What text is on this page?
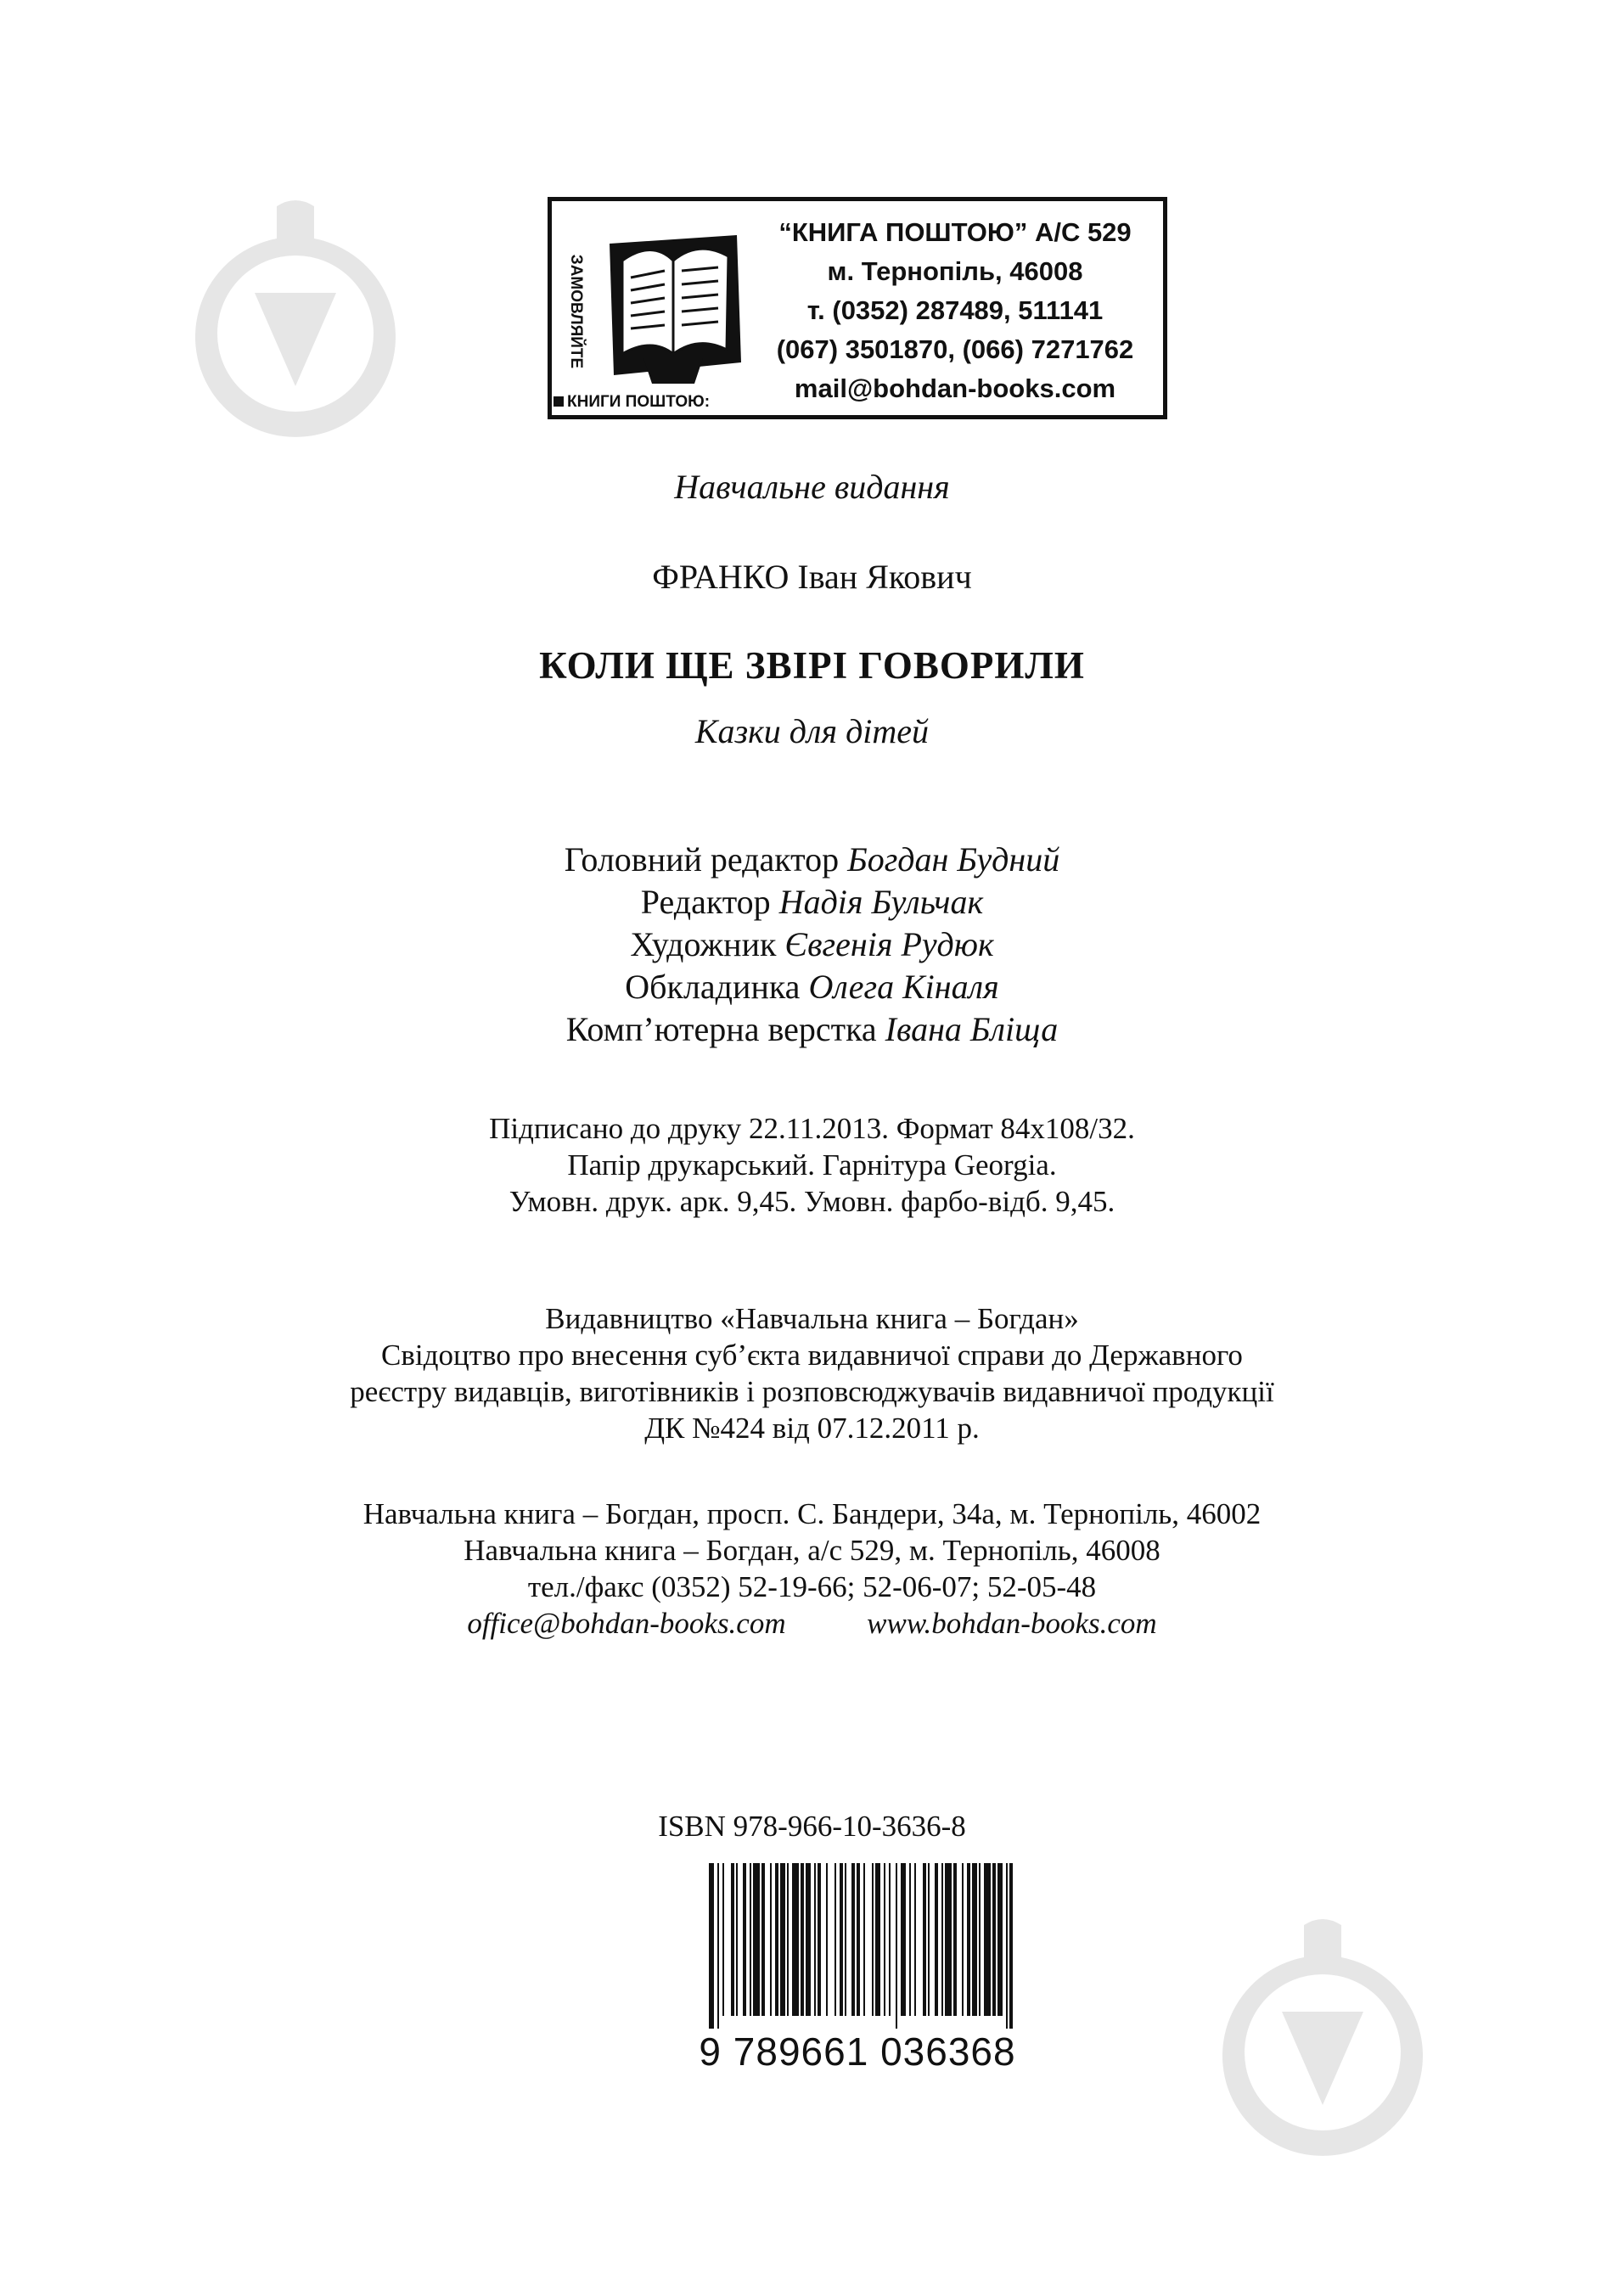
ЗАМОВЛЯЙТЕ
КНИГИ ПОШТОЮ:
“КНИГА ПОШТОЮ” А/С 529
м. Тернопіль, 46008
т. (0352) 287489, 511141
(067) 3501870, (066) 7271762
mail@bohdan-books.com
Навчальне видання
ФРАНКО Іван Якович
КОЛИ ЩЕ ЗВІРІ ГОВОРИЛИ
Казки для дітей
Головний редактор Богдан Будний
Редактор Надія Бульчак
Художник Євгенія Рудюк
Обкладинка Олега Кіналя
Комп’ютерна верстка Івана Бліща
Підписано до друку 22.11.2013. Формат 84х108/32.
Папір друкарський. Гарнітура Georgia.
Умовн. друк. арк. 9,45. Умовн. фарбо-відб. 9,45.
Видавництво «Навчальна книга – Богдан»
Свідоцтво про внесення суб’єкта видавничої справи до Державного
реєстру видавців, виготівників і розповсюджувачів видавничої продукції
ДК №424 від 07.12.2011 р.
Навчальна книга – Богдан, просп. С. Бандери, 34а, м. Тернопіль, 46002
Навчальна книга – Богдан, а/с 529, м. Тернопіль, 46008
тел./факс (0352) 52-19-66; 52-06-07; 52-05-48
office@bohdan-books.com	www.bohdan-books.com
ISBN 978-966-10-3636-8
9 789661 036368
